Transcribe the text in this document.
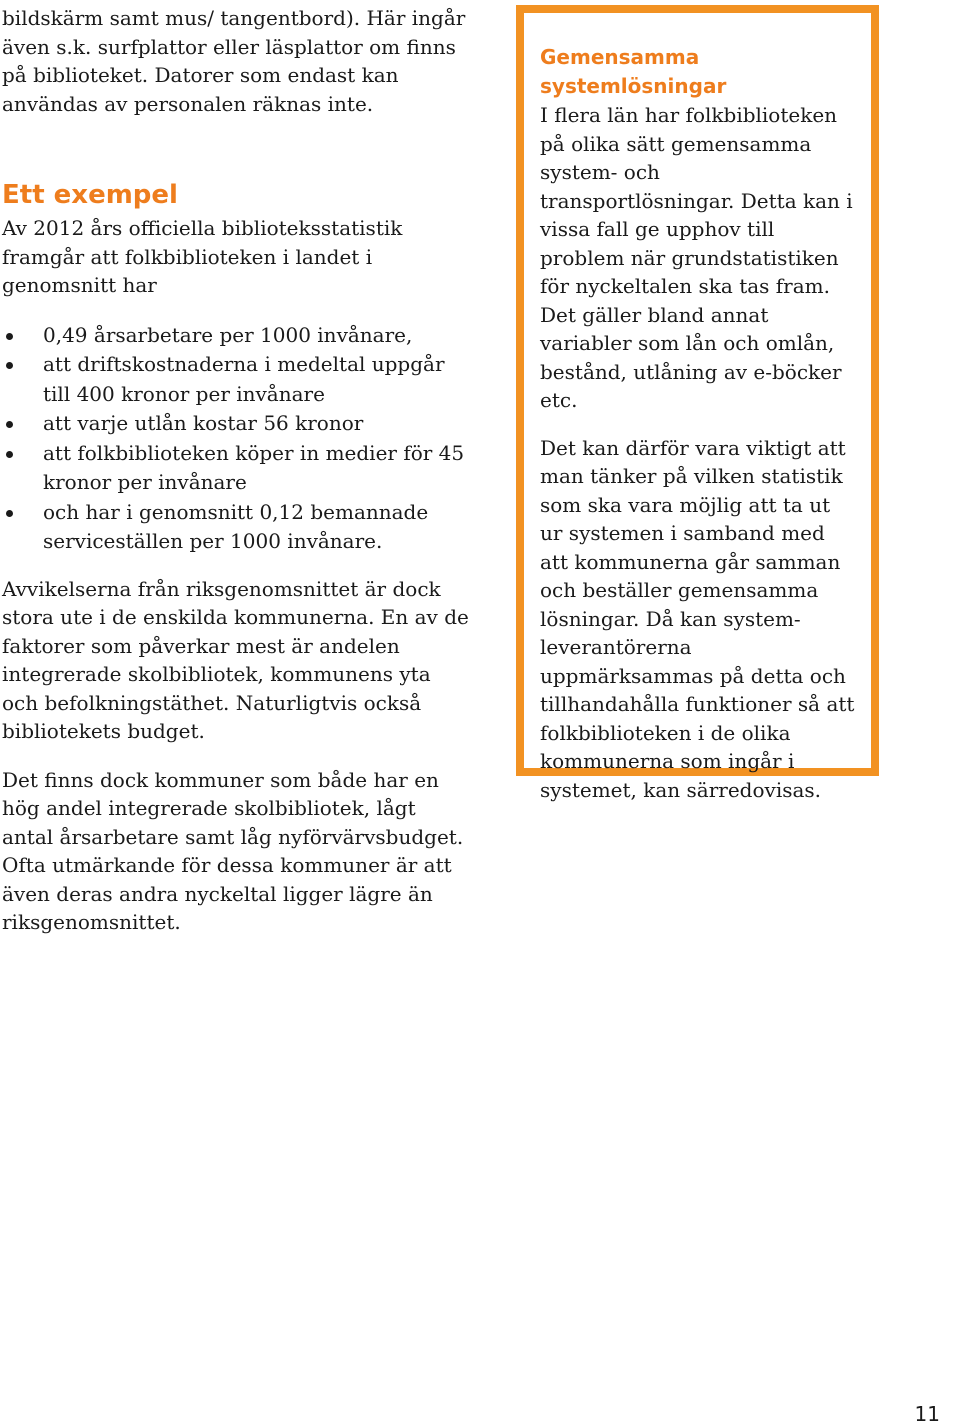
bildskärm samt mus/ tangentbord). Här ingår även s.k. surfplattor eller läsplattor om finns på biblioteket. Datorer som endast kan användas av personalen räknas inte.

Ett exempel

Av 2012 års officiella biblioteksstatistik framgår att folkbiblioteken i landet i genomsnitt har

0,49 årsarbetare per 1000 invånare,
att driftskostnaderna i medeltal uppgår till 400 kronor per invånare
att varje utlån kostar 56 kronor
att folkbiblioteken köper in medier för 45 kronor per invånare
och har i genomsnitt 0,12 bemannade serviceställen per 1000 invånare.

Avvikelserna från riksgenomsnittet är dock stora ute i de enskilda kommunerna. En av de faktorer som påverkar mest är andelen integrerade skolbibliotek, kommunens yta och befolkningstäthet. Naturligtvis också bibliotekets budget.

Det finns dock kommuner som både har en hög andel integrerade skolbibliotek, lågt antal årsarbetare samt låg nyförvärvsbudget. Ofta utmärkande för dessa kommuner är att även deras andra nyckeltal ligger lägre än riksgenomsnittet.

Gemensamma
systemlösningar

I flera län har folkbiblioteken på olika sätt gemensamma system- och transportlösningar. Detta kan i vissa fall ge upphov till problem när grundstatistiken för nyckeltalen ska tas fram. Det gäller bland annat variabler som lån och omlån, bestånd, utlåning av e-böcker etc.

Det kan därför vara viktigt att man tänker på vilken statistik som ska vara möjlig att ta ut ur systemen i samband med att kommunerna går samman och beställer gemensamma lösningar. Då kan system-leverantörerna uppmärksammas på detta och tillhandahålla funktioner så att folkbiblioteken i de olika kommunerna som ingår i systemet, kan särredovisas.

11
